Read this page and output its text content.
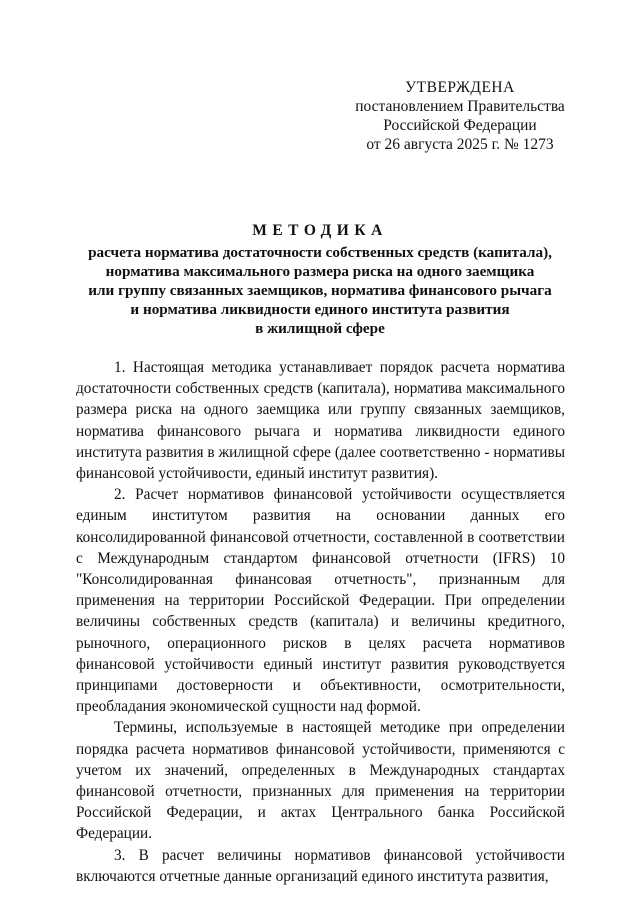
УТВЕРЖДЕНА
постановлением Правительства
Российской Федерации
от 26 августа 2025 г. № 1273
МЕТОДИКА
расчета норматива достаточности собственных средств (капитала),
норматива максимального размера риска на одного заемщика
или группу связанных заемщиков, норматива финансового рычага
и норматива ликвидности единого института развития
в жилищной сфере

1. Настоящая методика устанавливает порядок расчета норматива достаточности собственных средств (капитала), норматива максимального размера риска на одного заемщика или группу связанных заемщиков, норматива финансового рычага и норматива ликвидности единого института развития в жилищной сфере (далее соответственно - нормативы финансовой устойчивости, единый институт развития).

2. Расчет нормативов финансовой устойчивости осуществляется единым институтом развития на основании данных его консолидированной финансовой отчетности, составленной в соответствии с Международным стандартом финансовой отчетности (IFRS) 10 "Консолидированная финансовая отчетность", признанным для применения на территории Российской Федерации. При определении величины собственных средств (капитала) и величины кредитного, рыночного, операционного рисков в целях расчета нормативов финансовой устойчивости единый институт развития руководствуется принципами достоверности и объективности, осмотрительности, преобладания экономической сущности над формой.

Термины, используемые в настоящей методике при определении порядка расчета нормативов финансовой устойчивости, применяются с учетом их значений, определенных в Международных стандартах финансовой отчетности, признанных для применения на территории Российской Федерации, и актах Центрального банка Российской Федерации.

3. В расчет величины нормативов финансовой устойчивости включаются отчетные данные организаций единого института развития,
